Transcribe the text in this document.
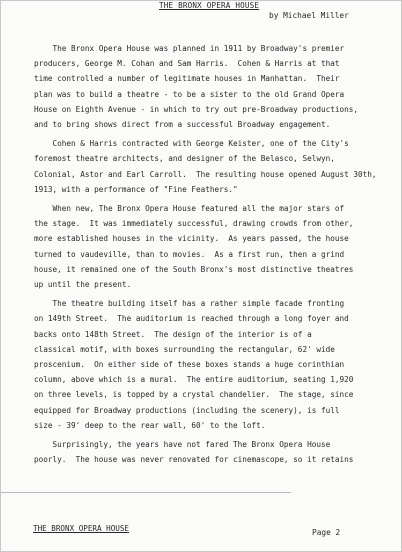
THE BRONX OPERA HOUSE
by Michael Miller
The Bronx Opera House was planned in 1911 by Broadway's premier
producers, George M. Cohan and Sam Harris.  Cohen & Harris at that
time controlled a number of legitimate houses in Manhattan.  Their
plan was to build a theatre - to be a sister to the old Grand Opera
House on Eighth Avenue - in which to try out pre-Broadway productions,
and to bring shows direct from a successful Broadway engagement.
Cohen & Harris contracted with George Keister, one of the City's
foremost theatre architects, and designer of the Belasco, Selwyn,
Colonial, Astor and Earl Carroll.  The resulting house opened August 30th,
1913, with a performance of "Fine Feathers."
When new, The Bronx Opera House featured all the major stars of
the stage.  It was immediately successful, drawing crowds from other,
more established houses in the vicinity.  As years passed, the house
turned to vaudeville, than to movies.  As a first run, then a grind
house, it remained one of the South Bronx's most distinctive theatres
up until the present.
The theatre building itself has a rather simple facade fronting
on 149th Street.  The auditorium is reached through a long foyer and
backs onto 148th Street.  The design of the interior is of a
classical motif, with boxes surrounding the rectangular, 62' wide
proscenium.  On either side of these boxes stands a huge corinthian
column, above which is a mural.  The entire auditorium, seating 1,920
on three levels, is topped by a crystal chandelier.  The stage, since
equipped for Broadway productions (including the scenery), is full
size - 39' deep to the rear wall, 60' to the loft.
Surprisingly, the years have not fared The Bronx Opera House
poorly.  The house was never renovated for cinemascope, so it retains
THE BRONX OPERA HOUSE	Page 2
